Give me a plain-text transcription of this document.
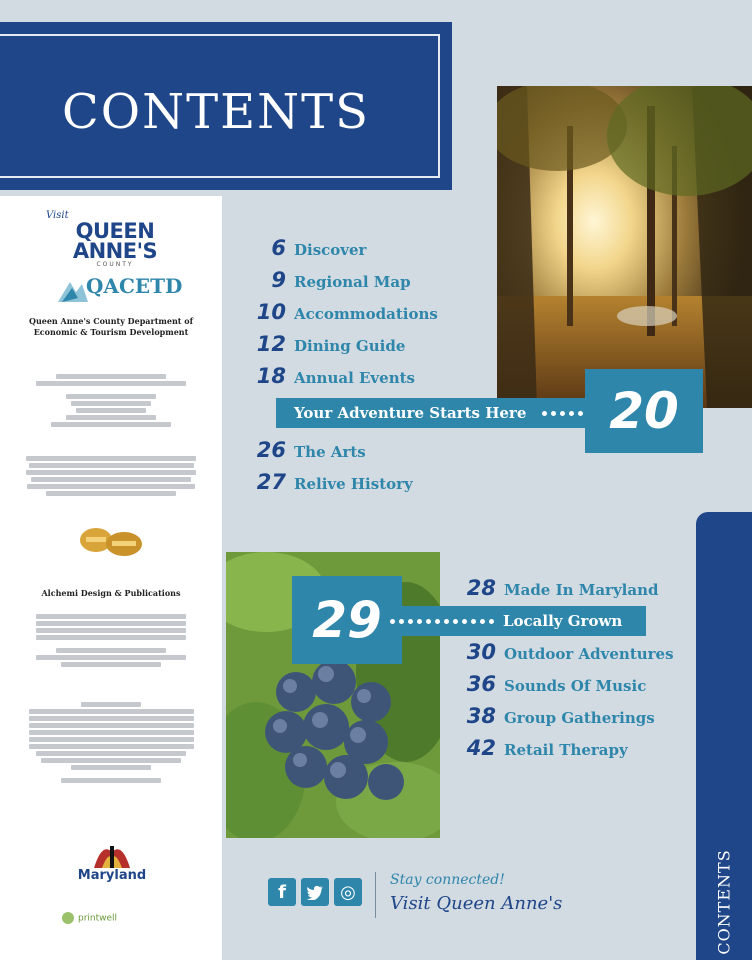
CONTENTS
Visit
QUEEN ANNE'S
COUNTY
QACETD
Queen Anne's County Department of Economic & Tourism Development
Alchemi Design & Publications
Maryland
printwell
6 Discover
9 Regional Map
10 Accommodations
12 Dining Guide
18 Annual Events
Your Adventure Starts Here 20
26 The Arts
27 Relive History
28 Made In Maryland
29	Locally Grown
30 Outdoor Adventures
36 Sounds Of Music
38 Group Gatherings
42 Retail Therapy
CONTENTS
f	◎
Stay connected!
Visit Queen Anne's
